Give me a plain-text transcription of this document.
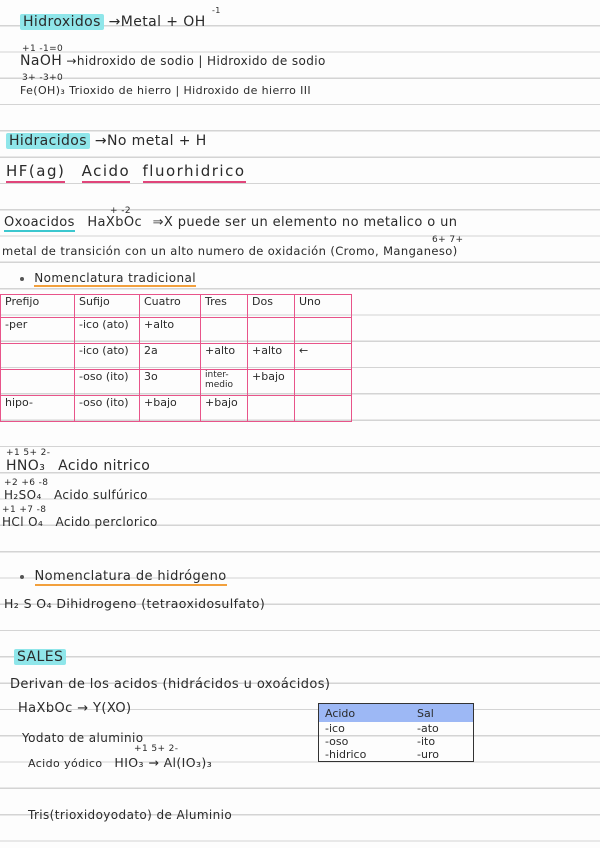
Hidroxidos →Metal + OH
-1
+1 -1=0
NaOH →hidroxido de sodio | Hidroxido de sodio
3+ -3+0
Fe(OH)₃ Trioxido de hierro | Hidroxido de hierro III
Hidracidos →No metal + H
HF(ag) Acido fluorhidrico
+ -2
Oxoacidos HaXbOc ⇒X puede ser un elemento no metalico o un
6+ 7+
metal de transición con un alto numero de oxidación (Cromo, Manganeso)
Nomenclatura tradicional
Prefijo	Sufijo	Cuatro	Tres	Dos	Uno
-per	-ico (ato)	+alto			
	-ico (ato)	2a	+alto	+alto	←
	-oso (ito)	3o	inter-medio	+bajo	
hipo-	-oso (ito)	+bajo	+bajo		
+1 5+ 2-
HNO₃ Acido nitrico
+2 +6 -8
H₂SO₄ Acido sulfúrico
+1 +7 -8
HCl O₄ Acido perclorico
Nomenclatura de hidrógeno
H₂ S O₄ Dihidrogeno (tetraoxidosulfato)
SALES
Derivan de los acidos (hidrácidos u oxoácidos)
HaXbOc → Y(XO)
Yodato de aluminio
+1 5+ 2-
Acido yódico HIO₃ → Al(IO₃)₃
Acido	Sal
-ico	-ato
-oso	-ito
-hidrico	-uro
Tris(trioxidoyodato) de Aluminio
